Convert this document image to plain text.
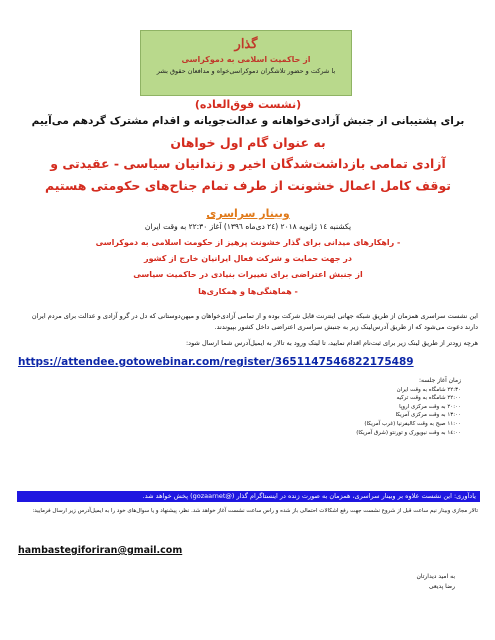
گذار
از حاکمیت اسلامی به دموکراسی
با شرکت و حضور تلاشگران دموکراسی‌خواه و مدافعان حقوق بشر
(نشست فوق‌العاده)
برای پشتیبانی از جنبش آزادی‌خواهانه و عدالت‌جویانه و اقدام مشترک گردهم می‌آییم
به عنوان گام اول خواهان
آزادی تمامی بازداشت‌شدگان اخیر و زندانیان سیاسی - عقیدتی و
توقف کامل اعمال خشونت از طرف تمام جناح‌های حکومتی هستیم
وبینار سراسری
یکشنبه ١٤ ژانویه ٢٠١٨ (٢٤ دی‌ماه ١٣٩٦) آغاز ٢٢:٣٠ به وقت ایران
- راهکارهای میدانی برای گذار خشونت پرهیز از حکومت اسلامی به دموکراسی
در جهت حمایت و شرکت فعال ایرانیان خارج از کشور
از جنبش اعتراضی برای تغییرات بنیادی در حاکمیت سیاسی
- هماهنگی‌ها و همکاری‌ها
این نشست سراسری همزمان از طریق شبکه جهانی اینترنت قابل شرکت بوده و از تمامی آزادی‌خواهان و میهن‌دوستانی که دل در گرو آزادی و عدالت برای مردم ایران دارند دعوت می‌شود که از طریق آدرس‌لینک زیر به جنبش سراسری اعتراضی داخل کشور بپیوندند.
هرچه زودتر از طریق لینک زیر برای ثبت‌نام اقدام نمایید، تا لینک ورود به تالار به ایمیل‌آدرس شما ارسال شود:
https://attendee.gotowebinar.com/register/3651147546822175489
زمان آغاز جلسه:
٢٢:٣٠ شامگاه به وقت ایران
٢٢:٠٠ شامگاه به وقت ترکیه
٢٠:٠٠ به وقت مرکزی اروپا
١٣:٠٠ به وقت مرکزی آمریکا
١١:٠٠ صبح به وقت کالیفرنیا (غرب آمریکا)
١٤:٠٠ به وقت نیویورک و تورنتو (شرق آمریکا)
یادآوری: این نشست علاوه بر وبینار سراسری، همزمان به صورت زنده در اینستاگرام گذار (@gozaarnet) پخش خواهد شد.
تالار مجازی وبینار نیم ساعت قبل از شروع نشست جهت رفع اشکالات احتمالی باز شده و راس ساعت نشست آغاز خواهد شد. نظر، پیشنهاد و یا سوال‌های خود را به ایمیل‌آدرس زیر ارسال فرمایید:
hambastegiforiran@gmail.com
به امید دیدارتان
رضا پدیعی
